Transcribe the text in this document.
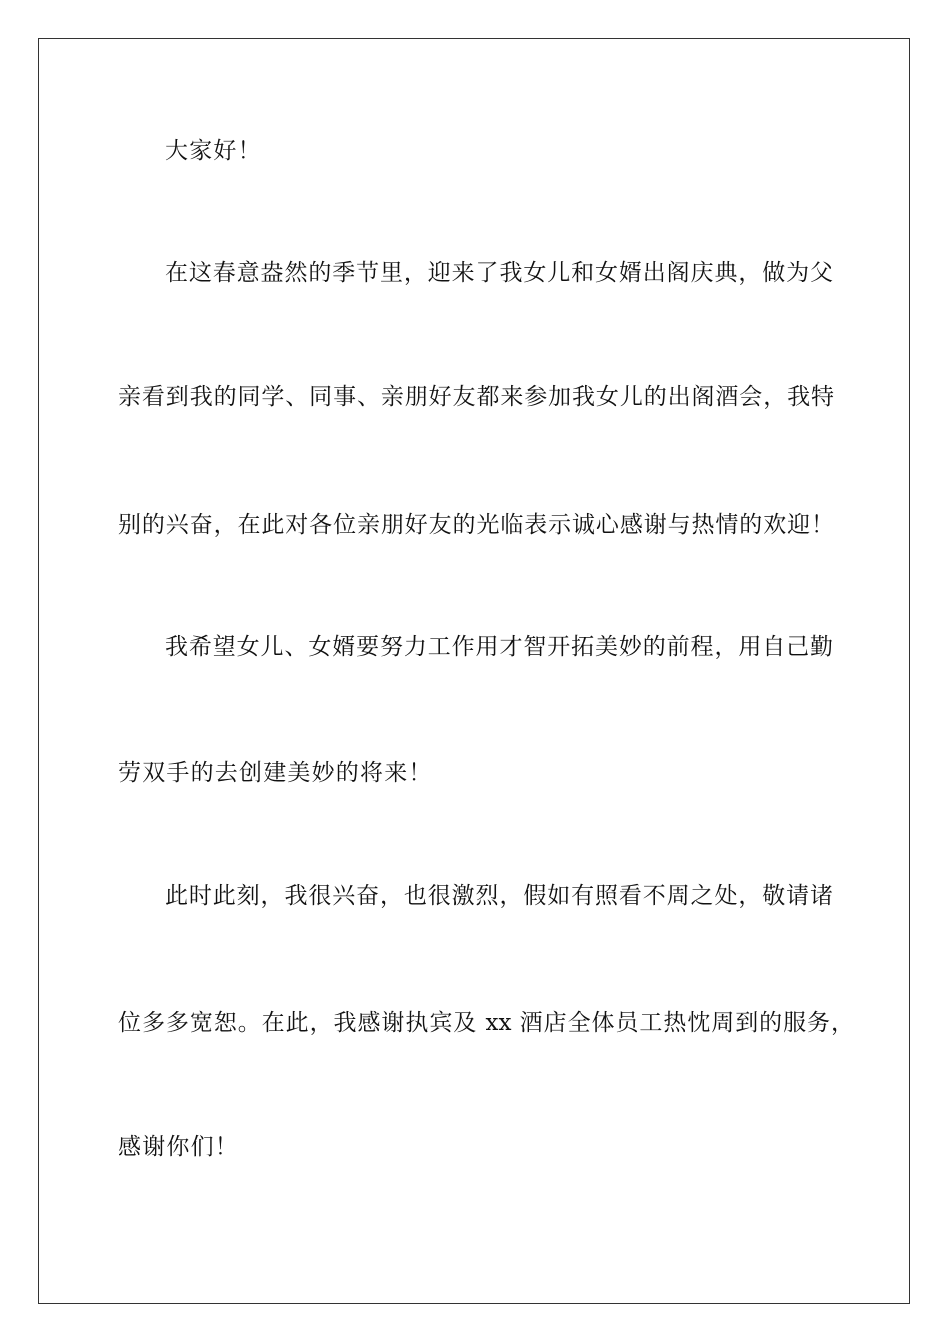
大家好！
在这春意盎然的季节里，迎来了我女儿和女婿出阁庆典，做为父
亲看到我的同学、同事、亲朋好友都来参加我女儿的出阁酒会，我特
别的兴奋，在此对各位亲朋好友的光临表示诚心感谢与热情的欢迎！
我希望女儿、女婿要努力工作用才智开拓美妙的前程，用自己勤
劳双手的去创建美妙的将来！
此时此刻，我很兴奋，也很激烈，假如有照看不周之处，敬请诸
位多多宽恕。在此，我感谢执宾及 xx 酒店全体员工热忱周到的服务，
感谢你们！
